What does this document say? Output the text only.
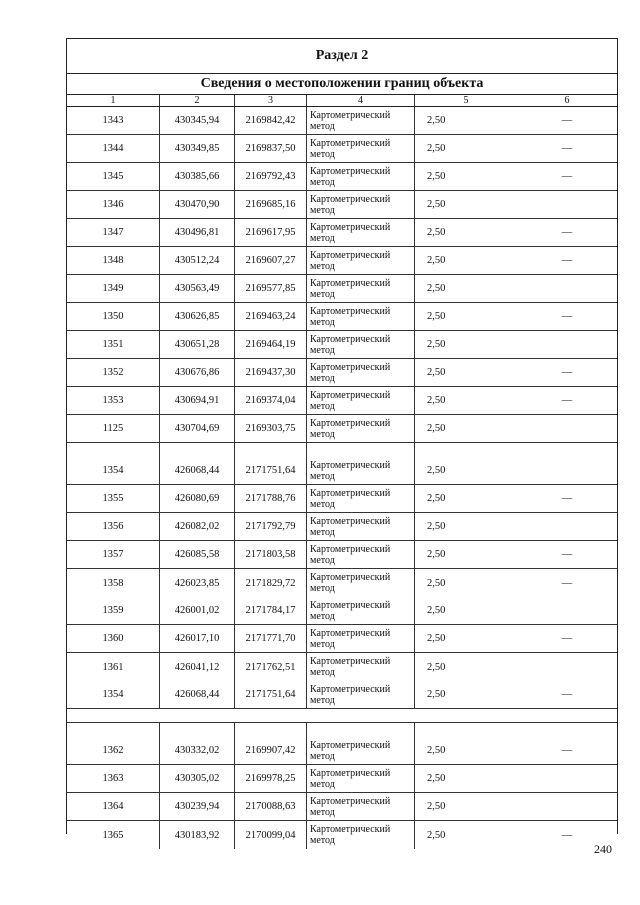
Раздел 2
Сведения о местоположении границ объекта
1	2	3	4	5	6
1343	430345,94	2169842,42	Картометрический метод	2,50	—
1344	430349,85	2169837,50	Картометрический метод	2,50	—
1345	430385,66	2169792,43	Картометрический метод	2,50	—
1346	430470,90	2169685,16	Картометрический метод	2,50
1347	430496,81	2169617,95	Картометрический метод	2,50	—
1348	430512,24	2169607,27	Картометрический метод	2,50	—
1349	430563,49	2169577,85	Картометрический метод	2,50
1350	430626,85	2169463,24	Картометрический метод	2,50	—
1351	430651,28	2169464,19	Картометрический метод	2,50
1352	430676,86	2169437,30	Картометрический метод	2,50	—
1353	430694,91	2169374,04	Картометрический метод	2,50	—
1125	430704,69	2169303,75	Картометрический метод	2,50
1354	426068,44	2171751,64	Картометрический метод	2,50
1355	426080,69	2171788,76	Картометрический метод	2,50	—
1356	426082,02	2171792,79	Картометрический метод	2,50
1357	426085,58	2171803,58	Картометрический метод	2,50	—
1358	426023,85	2171829,72	Картометрический метод	2,50	—
1359	426001,02	2171784,17	Картометрический метод	2,50
1360	426017,10	2171771,70	Картометрический метод	2,50	—
1361	426041,12	2171762,51	Картометрический метод	2,50
1354	426068,44	2171751,64	Картометрический метод	2,50	—
1362	430332,02	2169907,42	Картометрический метод	2,50	—
1363	430305,02	2169978,25	Картометрический метод	2,50
1364	430239,94	2170088,63	Картометрический метод	2,50
1365	430183,92	2170099,04	Картометрический метод	2,50	—
240
